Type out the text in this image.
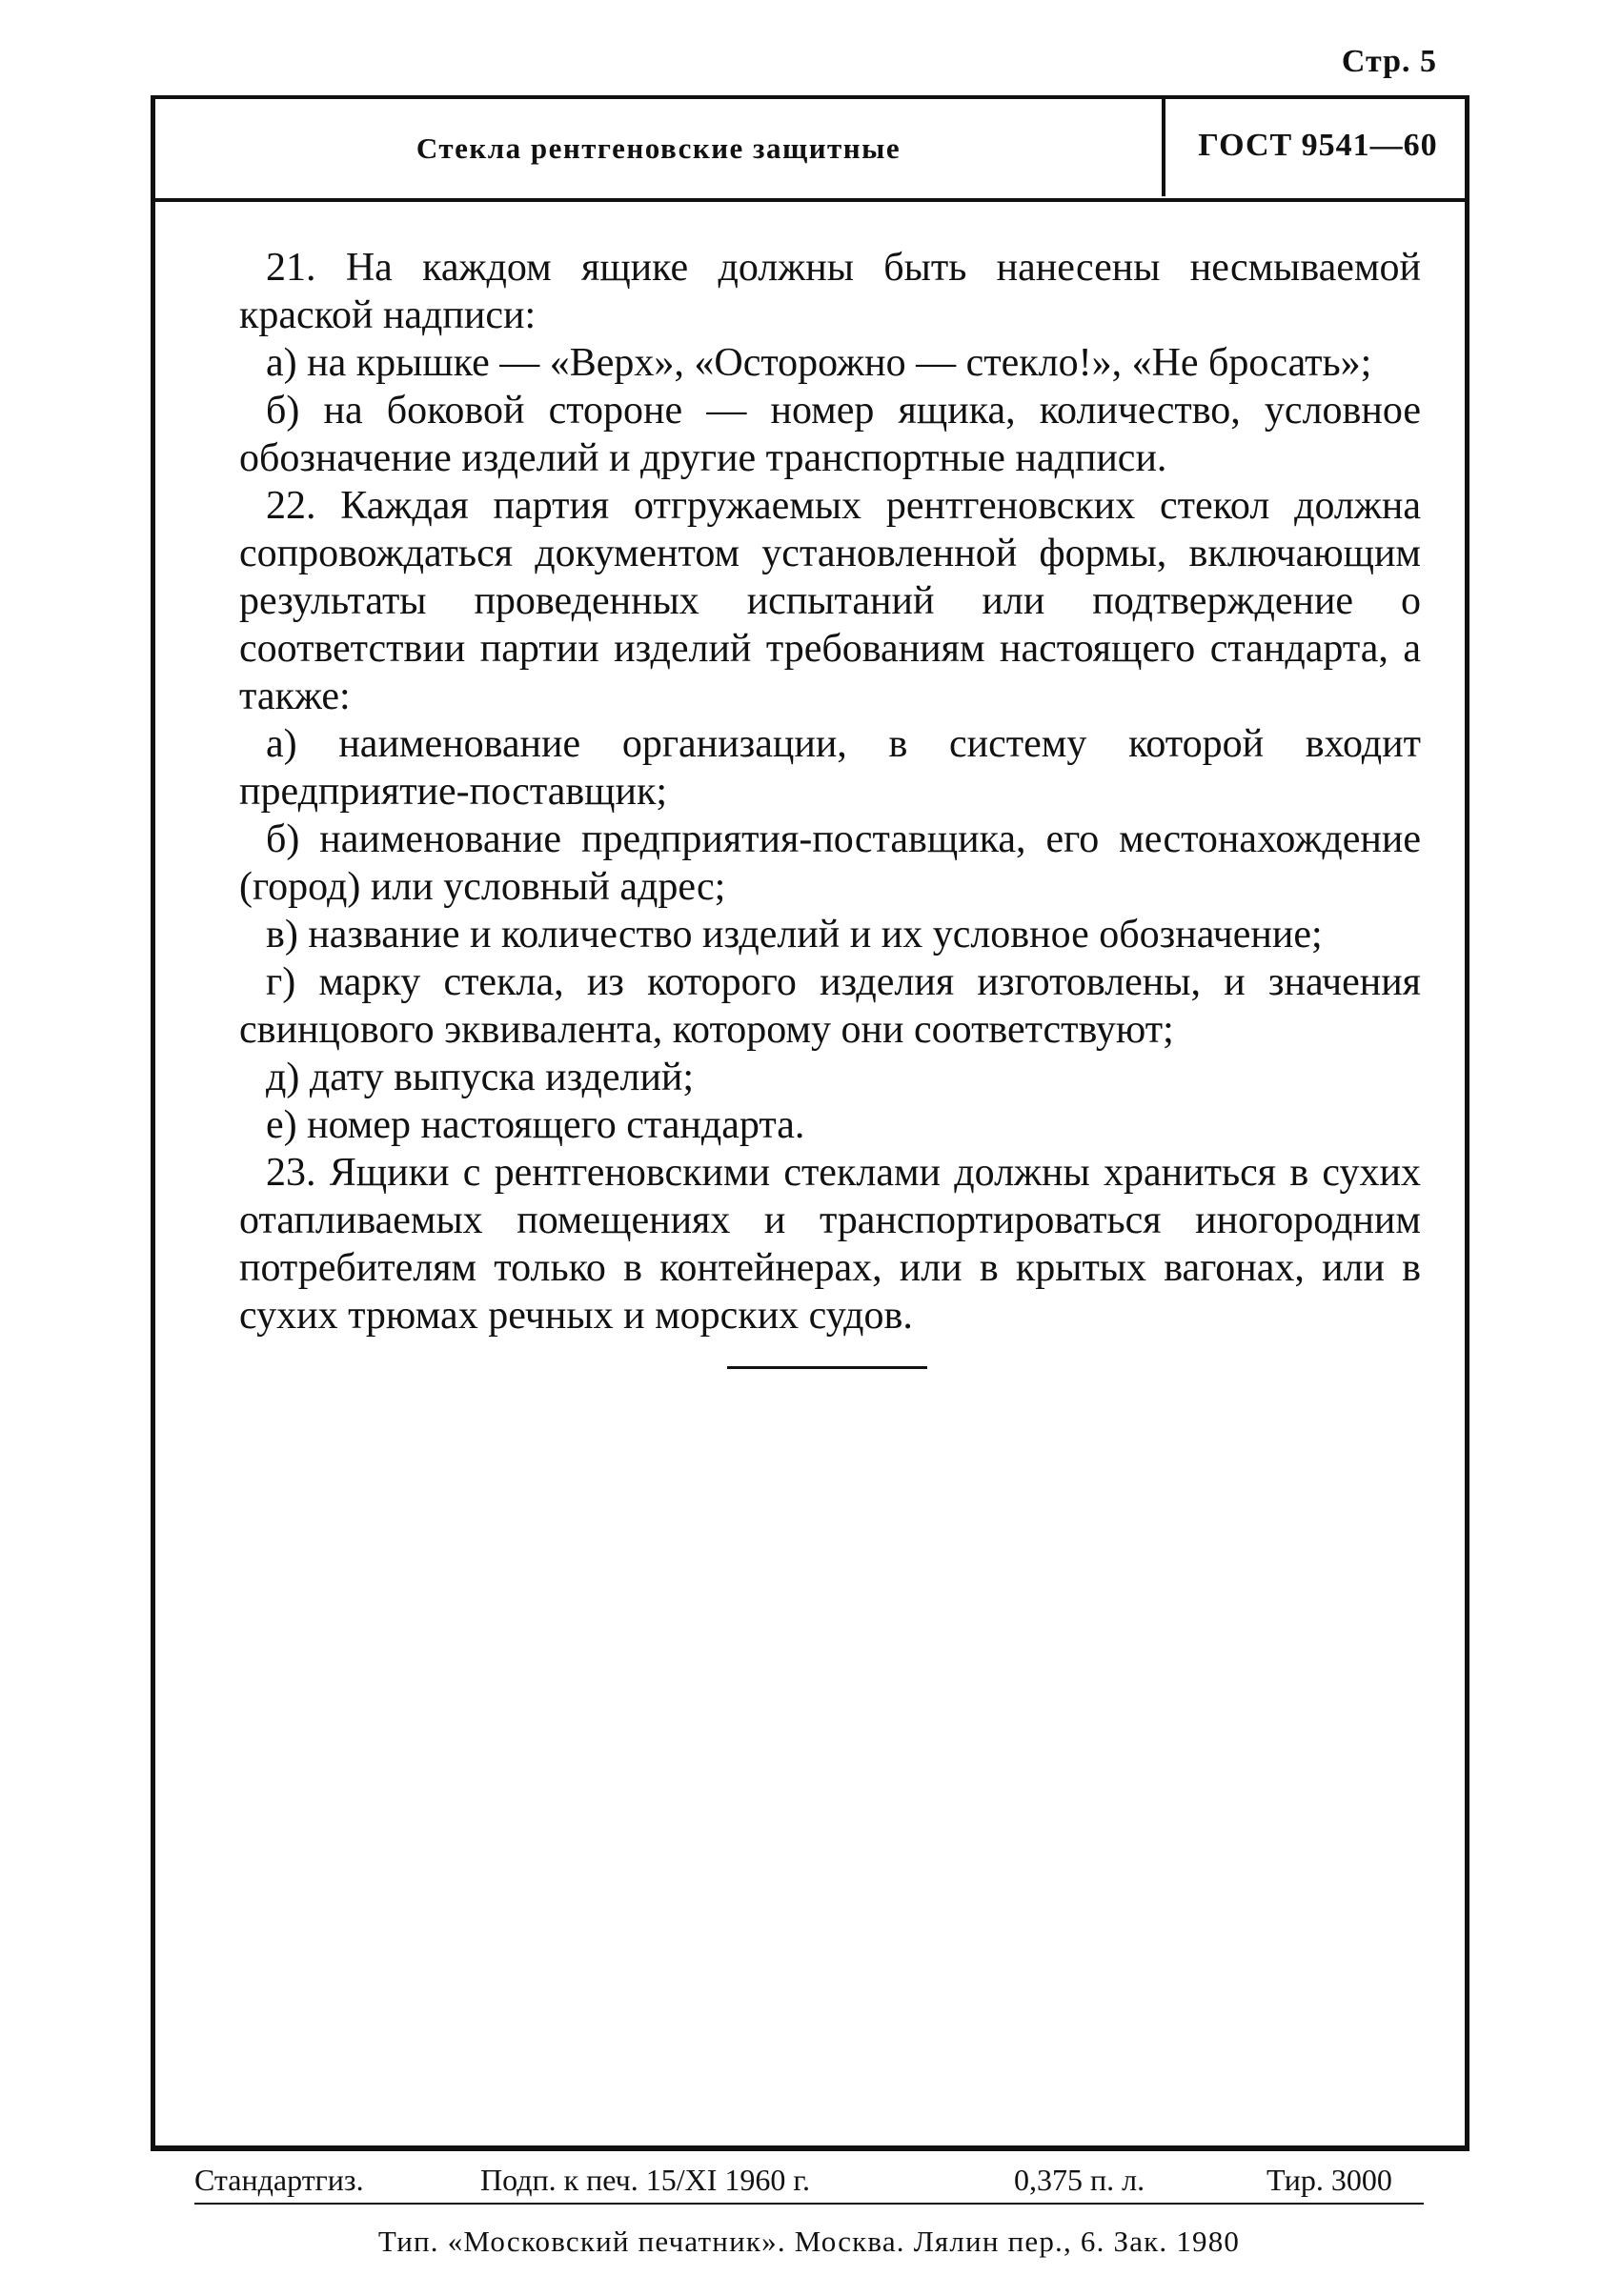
Стр. 5
Стекла рентгеновские защитные	ГОСТ 9541—60

21. На каждом ящике должны быть нанесены несмываемой краской надписи:

а) на крышке — «Верх», «Осторожно — стекло!», «Не бросать»;

б) на боковой стороне — номер ящика, количество, условное обозначение изделий и другие транспортные надписи.

22. Каждая партия отгружаемых рентгеновских стекол должна сопровождаться документом установленной формы, включающим результаты проведенных испытаний или подтверждение о соответствии партии изделий требованиям настоящего стандарта, а также:

а) наименование организации, в систему которой входит предприятие-поставщик;

б) наименование предприятия-поставщика, его местонахождение (город) или условный адрес;

в) название и количество изделий и их условное обозначение;

г) марку стекла, из которого изделия изготовлены, и значения свинцового эквивалента, которому они соответствуют;

д) дату выпуска изделий;

е) номер настоящего стандарта.

23. Ящики с рентгеновскими стеклами должны храниться в сухих отапливаемых помещениях и транспортироваться иногородним потребителям только в контейнерах, или в крытых вагонах, или в сухих трюмах речных и морских судов.

Стандартгиз.	Подп. к печ. 15/XI 1960 г.	0,375 п. л.	Тир. 3000
Тип. «Московский печатник». Москва. Лялин пер., 6. Зак. 1980
